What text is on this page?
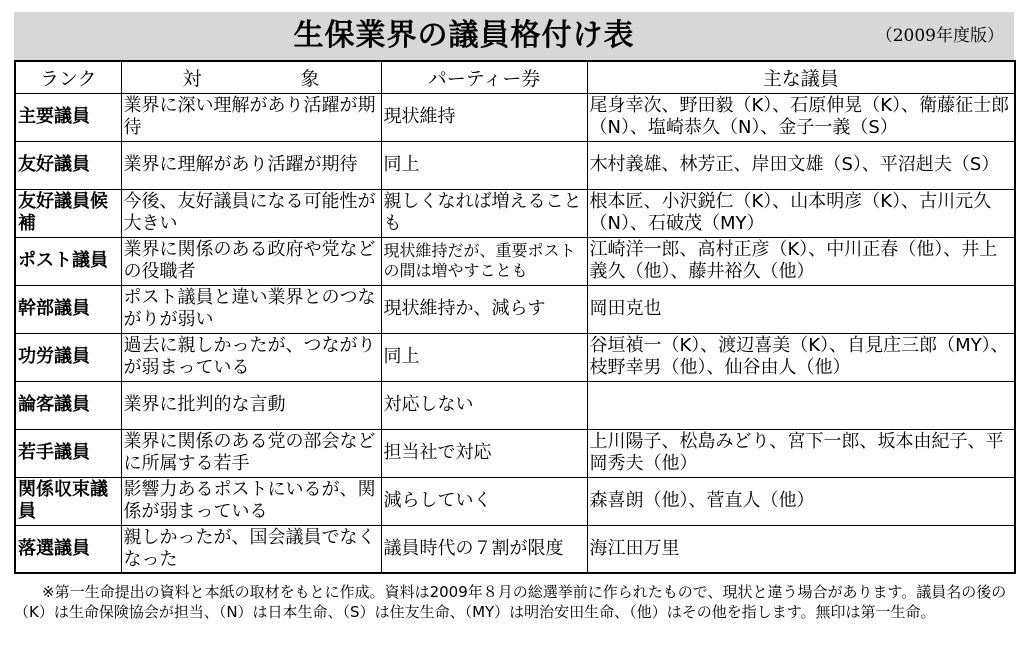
生保業界の議員格付け表	（2009年度版）
ランク	対　象	パーティー券	主な議員
主要議員	業界に深い理解があり活躍が期待	現状維持	尾身幸次、野田毅（K）、石原伸晃（K）、衛藤征士郎（N）、塩崎恭久（N）、金子一義（S）
友好議員	業界に理解があり活躍が期待	同上	木村義雄、林芳正、岸田文雄（S）、平沼赳夫（S）
友好議員候補	今後、友好議員になる可能性が大きい	親しくなれば増えることも	根本匠、小沢鋭仁（K）、山本明彦（K）、古川元久（N）、石破茂（MY）
ポスト議員	業界に関係のある政府や党などの役職者	現状維持だが、重要ポストの間は増やすことも	江崎洋一郎、高村正彦（K）、中川正春（他）、井上義久（他）、藤井裕久（他）
幹部議員	ポスト議員と違い業界とのつながりが弱い	現状維持か、減らす	岡田克也
功労議員	過去に親しかったが、つながりが弱まっている	同上	谷垣禎一（K）、渡辺喜美（K）、自見庄三郎（MY）、枝野幸男（他）、仙谷由人（他）
論客議員	業界に批判的な言動	対応しない	
若手議員	業界に関係のある党の部会などに所属する若手	担当社で対応	上川陽子、松島みどり、宮下一郎、坂本由紀子、平岡秀夫（他）
関係収束議員	影響力あるポストにいるが、関係が弱まっている	減らしていく	森喜朗（他）、菅直人（他）
落選議員	親しかったが、国会議員でなくなった	議員時代の７割が限度	海江田万里
※第一生命提出の資料と本紙の取材をもとに作成。資料は2009年８月の総選挙前に作られたもので、現状と違う場合があります。議員名の後の（K）は生命保険協会が担当、（N）は日本生命、（S）は住友生命、（MY）は明治安田生命、（他）はその他を指します。無印は第一生命。
